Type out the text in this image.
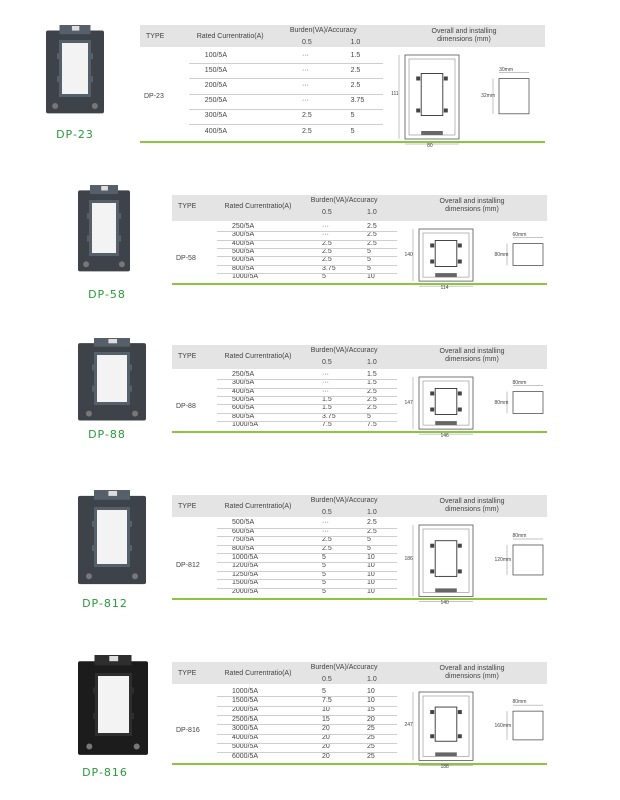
DP-23
TYPE	Rated Currentratio(A)
Burden(VA)/Accuracy
0.5	1.0
Overall and installing
dimensions (mm)
DP-23
100/5A	···	1.5
150/5A	···	2.5
200/5A	···	2.5
250/5A	···	3.75
300/5A	2.5	5
400/5A	2.5	5
111
80
30mm
32mm
DP-58
TYPE	Rated Currentratio(A)
Burden(VA)/Accuracy
0.5	1.0
Overall and installing
dimensions (mm)
DP-58
250/5A	···	2.5
300/5A	···	2.5
400/5A	2.5	2.5
500/5A	2.5	5
600/5A	2.5	5
800/5A	3.75	5
1000/5A	5	10
140
114
60mm
80mm
DP-88
TYPE	Rated Currentratio(A)
Burden(VA)/Accuracy
0.5	1.0
Overall and installing
dimensions (mm)
DP-88
250/5A	···	1.5
300/5A	···	1.5
400/5A	···	2.5
500/5A	1.5	2.5
600/5A	1.5	2.5
800/5A	3.75	5
1000/5A	7.5	7.5
147
146
80mm
80mm
DP-812
TYPE	Rated Currentratio(A)
Burden(VA)/Accuracy
0.5	1.0
Overall and installing
dimensions (mm)
DP-812
500/5A	···	2.5
600/5A	···	2.5
750/5A	2.5	5
800/5A	2.5	5
1000/5A	5	10
1200/5A	5	10
1250/5A	5	10
1500/5A	5	10
2000/5A	5	10
186
140
80mm
120mm
DP-816
TYPE	Rated Currentratio(A)
Burden(VA)/Accuracy
0.5	1.0
Overall and installing
dimensions (mm)
DP-816
1000/5A	5	10
1500/5A	7.5	10
2000/5A	10	15
2500/5A	15	20
3000/5A	20	25
4000/5A	20	25
5000/5A	20	25
6000/5A	20	25
247
188
80mm
160mm
